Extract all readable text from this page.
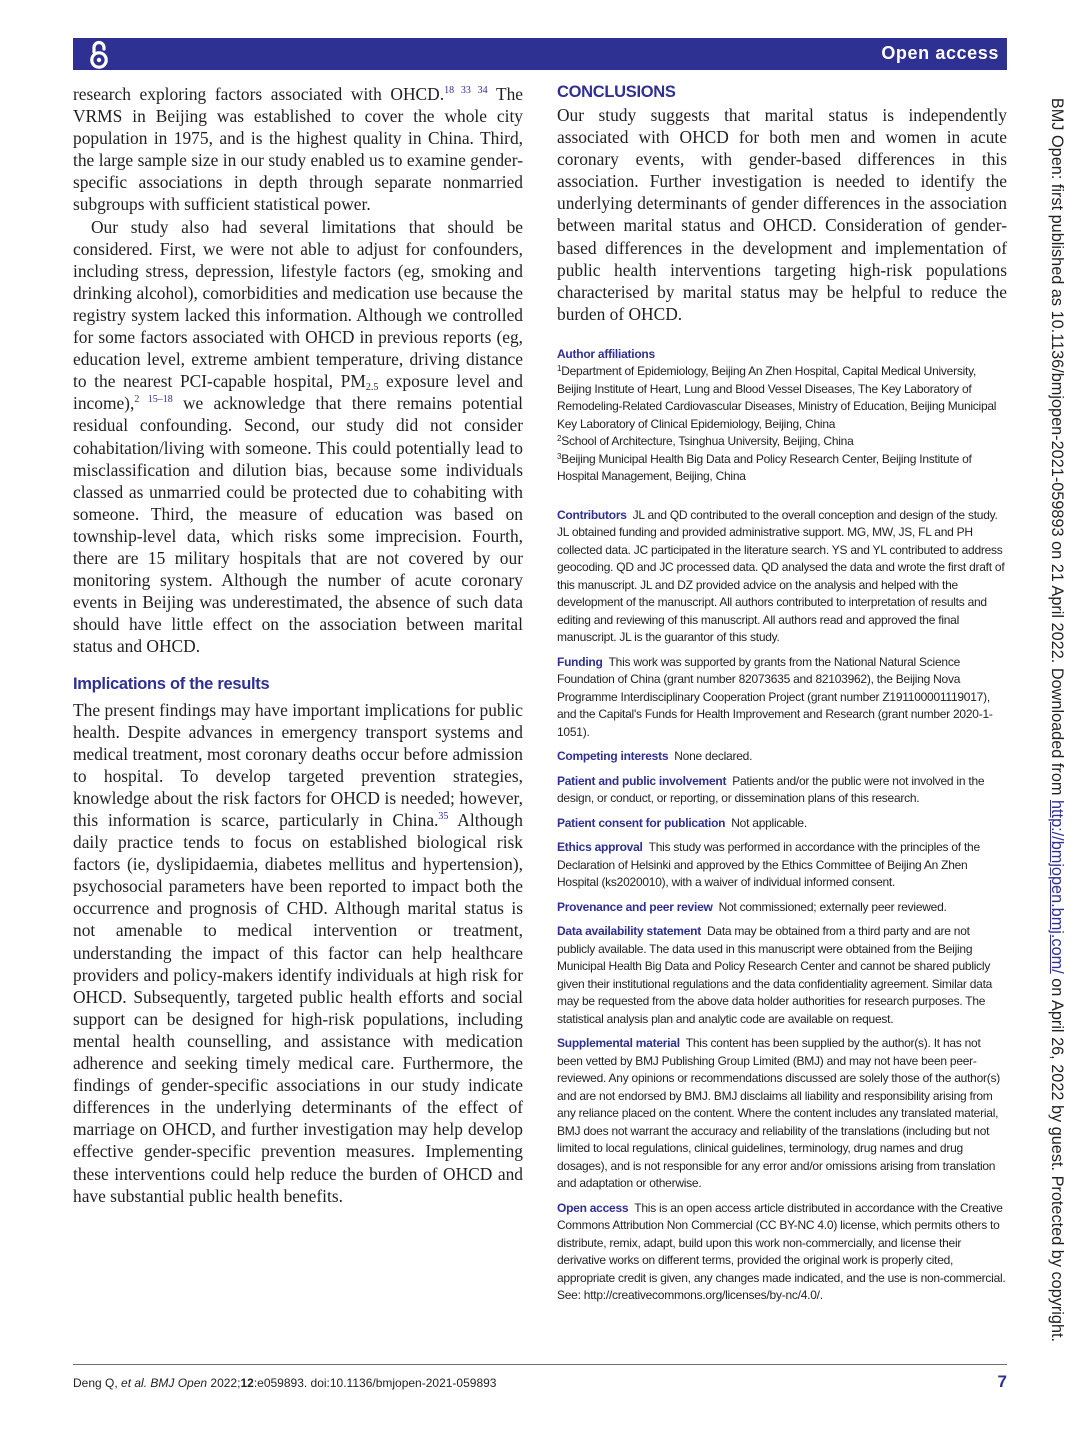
Open access

research exploring factors associated with OHCD.$^{18 33 34}$ The VRMS in Beijing was established to cover the whole city population in 1975, and is the highest quality in China. Third, the large sample size in our study enabled us to examine gender-specific associations in depth through separate nonmarried subgroups with sufficient statistical power.

Our study also had several limitations that should be considered. First, we were not able to adjust for confounders, including stress, depression, lifestyle factors (eg, smoking and drinking alcohol), comorbidities and medication use because the registry system lacked this information. Although we controlled for some factors associated with OHCD in previous reports (eg, education level, extreme ambient temperature, driving distance to the nearest PCI-capable hospital, $PM_{2.5}$ exposure level and income),$^{2 15-18}$ we acknowledge that there remains potential residual confounding. Second, our study did not consider cohabitation/living with someone. This could potentially lead to misclassification and dilution bias, because some individuals classed as unmarried could be protected due to cohabiting with someone. Third, the measure of education was based on township-level data, which risks some imprecision. Fourth, there are 15 military hospitals that are not covered by our monitoring system. Although the number of acute coronary events in Beijing was underestimated, the absence of such data should have little effect on the association between marital status and OHCD.

Implications of the results

The present findings may have important implications for public health. Despite advances in emergency transport systems and medical treatment, most coronary deaths occur before admission to hospital. To develop targeted prevention strategies, knowledge about the risk factors for OHCD is needed; however, this information is scarce, particularly in China.$^{35}$ Although daily practice tends to focus on established biological risk factors (ie, dyslipidaemia, diabetes mellitus and hypertension), psychosocial parameters have been reported to impact both the occurrence and prognosis of CHD. Although marital status is not amenable to medical intervention or treatment, understanding the impact of this factor can help healthcare providers and policy-makers identify individuals at high risk for OHCD. Subsequently, targeted public health efforts and social support can be designed for high-risk populations, including mental health counselling, and assistance with medication adherence and seeking timely medical care. Furthermore, the findings of gender-specific associations in our study indicate differences in the underlying determinants of the effect of marriage on OHCD, and further investigation may help develop effective gender-specific prevention measures. Implementing these interventions could help reduce the burden of OHCD and have substantial public health benefits.

CONCLUSIONS

Our study suggests that marital status is independently associated with OHCD for both men and women in acute coronary events, with gender-based differences in this association. Further investigation is needed to identify the underlying determinants of gender differences in the association between marital status and OHCD. Consideration of gender-based differences in the development and implementation of public health interventions targeting high-risk populations characterised by marital status may be helpful to reduce the burden of OHCD.

Author affiliations
$^1$Department of Epidemiology, Beijing An Zhen Hospital, Capital Medical University, Beijing Institute of Heart, Lung and Blood Vessel Diseases, The Key Laboratory of Remodeling-Related Cardiovascular Diseases, Ministry of Education, Beijing Municipal Key Laboratory of Clinical Epidemiology, Beijing, China
$^2$School of Architecture, Tsinghua University, Beijing, China
$^3$Beijing Municipal Health Big Data and Policy Research Center, Beijing Institute of Hospital Management, Beijing, China

Contributors JL and QD contributed to the overall conception and design of the study. JL obtained funding and provided administrative support. MG, MW, JS, FL and PH collected data. JC participated in the literature search. YS and YL contributed to address geocoding. QD and JC processed data. QD analysed the data and wrote the first draft of this manuscript. JL and DZ provided advice on the analysis and helped with the development of the manuscript. All authors contributed to interpretation of results and editing and reviewing of this manuscript. All authors read and approved the final manuscript. JL is the guarantor of this study.

Funding This work was supported by grants from the National Natural Science Foundation of China (grant number 82073635 and 82103962), the Beijing Nova Programme Interdisciplinary Cooperation Project (grant number Z191100001119017), and the Capital's Funds for Health Improvement and Research (grant number 2020-1-1051).

Competing interests None declared.

Patient and public involvement Patients and/or the public were not involved in the design, or conduct, or reporting, or dissemination plans of this research.

Patient consent for publication Not applicable.

Ethics approval This study was performed in accordance with the principles of the Declaration of Helsinki and approved by the Ethics Committee of Beijing An Zhen Hospital (ks2020010), with a waiver of individual informed consent.

Provenance and peer review Not commissioned; externally peer reviewed.

Data availability statement Data may be obtained from a third party and are not publicly available. The data used in this manuscript were obtained from the Beijing Municipal Health Big Data and Policy Research Center and cannot be shared publicly given their institutional regulations and the data confidentiality agreement. Similar data may be requested from the above data holder authorities for research purposes. The statistical analysis plan and analytic code are available on request.

Supplemental material This content has been supplied by the author(s). It has not been vetted by BMJ Publishing Group Limited (BMJ) and may not have been peer-reviewed. Any opinions or recommendations discussed are solely those of the author(s) and are not endorsed by BMJ. BMJ disclaims all liability and responsibility arising from any reliance placed on the content. Where the content includes any translated material, BMJ does not warrant the accuracy and reliability of the translations (including but not limited to local regulations, clinical guidelines, terminology, drug names and drug dosages), and is not responsible for any error and/or omissions arising from translation and adaptation or otherwise.

Open access This is an open access article distributed in accordance with the Creative Commons Attribution Non Commercial (CC BY-NC 4.0) license, which permits others to distribute, remix, adapt, build upon this work non-commercially, and license their derivative works on different terms, provided the original work is properly cited, appropriate credit is given, any changes made indicated, and the use is non-commercial. See: http://creativecommons.org/licenses/by-nc/4.0/.

Deng Q, et al. BMJ Open 2022;12:e059893. doi:10.1136/bmjopen-2021-059893	7
BMJ Open: first published as 10.1136/bmjopen-2021-059893 on 21 April 2022. Downloaded from http://bmjopen.bmj.com/ on April 26, 2022 by guest. Protected by copyright.
